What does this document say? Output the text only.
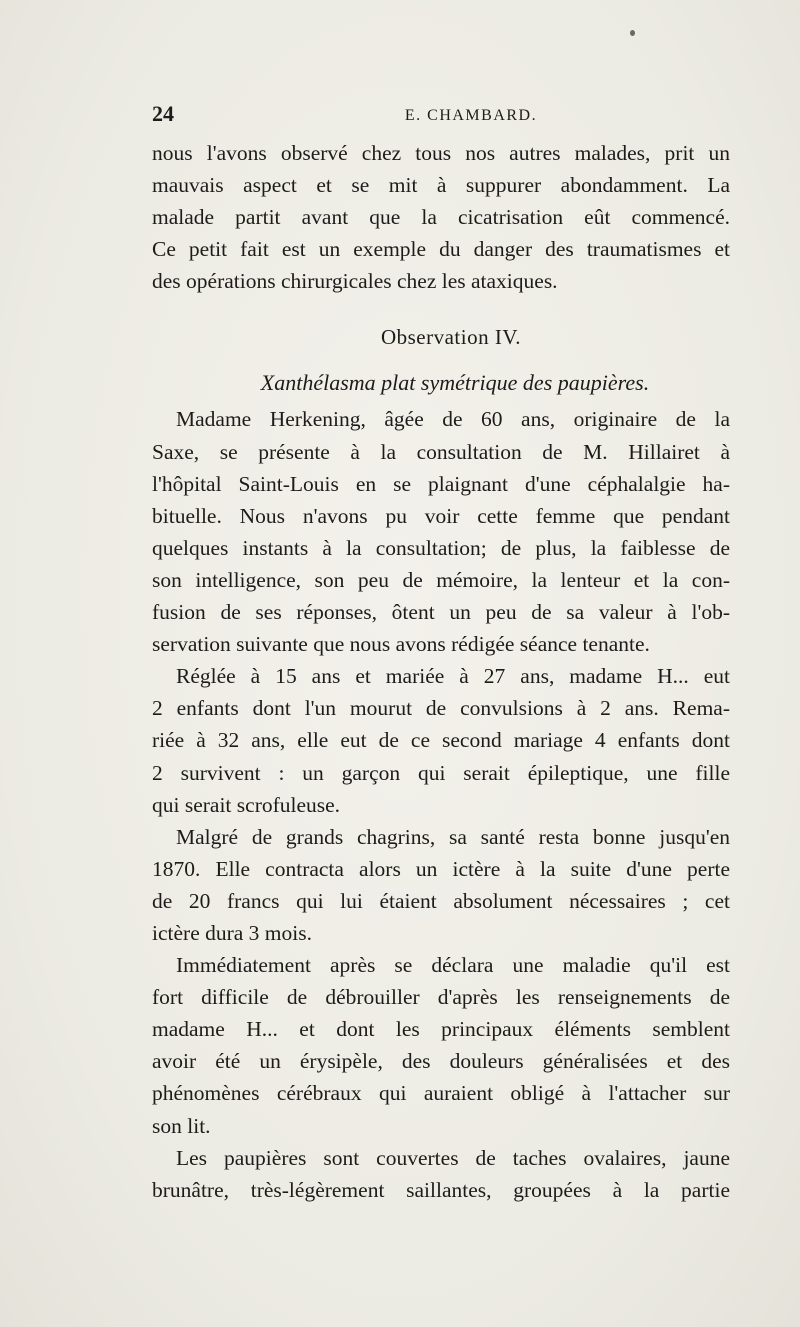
24	E. CHAMBARD.
nous l'avons observé chez tous nos autres malades, prit un
mauvais aspect et se mit à suppurer abondamment. La
malade partit avant que la cicatrisation eût commencé.
Ce petit fait est un exemple du danger des traumatismes et
des opérations chirurgicales chez les ataxiques.
Observation IV.
Xanthélasma plat symétrique des paupières.
Madame Herkening, âgée de 60 ans, originaire de la
Saxe, se présente à la consultation de M. Hillairet à
l'hôpital Saint-Louis en se plaignant d'une céphalalgie ha-
bituelle. Nous n'avons pu voir cette femme que pendant
quelques instants à la consultation; de plus, la faiblesse de
son intelligence, son peu de mémoire, la lenteur et la con-
fusion de ses réponses, ôtent un peu de sa valeur à l'ob-
servation suivante que nous avons rédigée séance tenante.
Réglée à 15 ans et mariée à 27 ans, madame H... eut
2 enfants dont l'un mourut de convulsions à 2 ans. Rema-
riée à 32 ans, elle eut de ce second mariage 4 enfants dont
2 survivent : un garçon qui serait épileptique, une fille
qui serait scrofuleuse.
Malgré de grands chagrins, sa santé resta bonne jusqu'en
1870. Elle contracta alors un ictère à la suite d'une perte
de 20 francs qui lui étaient absolument nécessaires ; cet
ictère dura 3 mois.
Immédiatement après se déclara une maladie qu'il est
fort difficile de débrouiller d'après les renseignements de
madame H... et dont les principaux éléments semblent
avoir été un érysipèle, des douleurs généralisées et des
phénomènes cérébraux qui auraient obligé à l'attacher sur
son lit.
Les paupières sont couvertes de taches ovalaires, jaune
brunâtre, très-légèrement saillantes, groupées à la partie
